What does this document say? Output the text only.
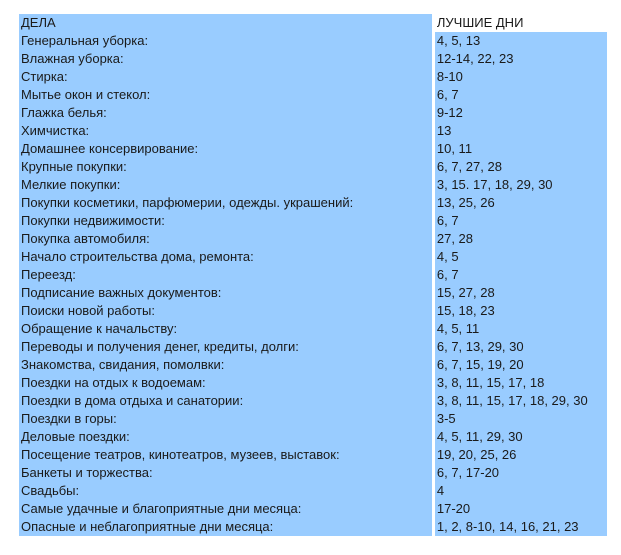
ДЕЛА	ЛУЧШИЕ ДНИ
Генеральная уборка:	4, 5, 13
Влажная уборка:	12-14, 22, 23
Стирка:	8-10
Мытье окон и стекол:	6, 7
Глажка белья:	9-12
Химчистка:	13
Домашнее консервирование:	10, 11
Крупные покупки:	6, 7, 27, 28
Мелкие покупки:	3, 15. 17, 18, 29, 30
Покупки косметики, парфюмерии, одежды. украшений:	13, 25, 26
Покупки недвижимости:	6, 7
Покупка автомобиля:	27, 28
Начало строительства дома, ремонта:	4, 5
Переезд:	6, 7
Подписание важных документов:	15, 27, 28
Поиски новой работы:	15, 18, 23
Обращение к начальству:	4, 5, 11
Переводы и получения денег, кредиты, долги:	6, 7, 13, 29, 30
Знакомства, свидания, помолвки:	6, 7, 15, 19, 20
Поездки на отдых к водоемам:	3, 8, 11, 15, 17, 18
Поездки в дома отдыха и санатории:	3, 8, 11, 15, 17, 18, 29, 30
Поездки в горы:	3-5
Деловые поездки:	4, 5, 11, 29, 30
Посещение театров, кинотеатров, музеев, выставок:	19, 20, 25, 26
Банкеты и торжества:	6, 7, 17-20
Свадьбы:	4
Самые удачные и благоприятные дни месяца:	17-20
Опасные и неблагоприятные дни месяца:	1, 2, 8-10, 14, 16, 21, 23
